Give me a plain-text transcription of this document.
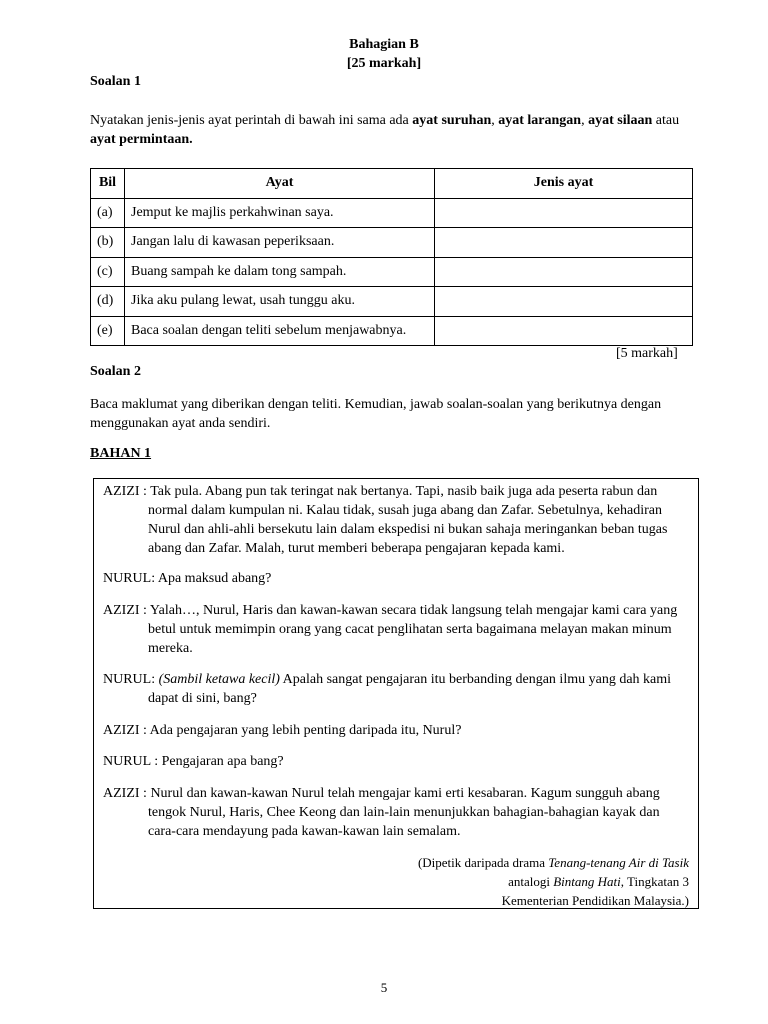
Bahagian B
[25 markah]
Soalan 1
Nyatakan jenis-jenis ayat perintah di bawah ini sama ada ayat suruhan, ayat larangan, ayat silaan atau
ayat permintaan.
Bil	Ayat	Jenis ayat
(a)	Jemput ke majlis perkahwinan saya.	
(b)	Jangan lalu di kawasan peperiksaan.	
(c)	Buang sampah ke dalam tong sampah.	
(d)	Jika aku pulang lewat, usah tunggu aku.	
(e)	Baca soalan dengan teliti sebelum menjawabnya.	
[5 markah]
Soalan 2
Baca maklumat yang diberikan dengan teliti. Kemudian, jawab soalan-soalan yang berikutnya dengan
menggunakan ayat anda sendiri.
BAHAN 1
AZIZI : Tak pula. Abang pun tak teringat nak bertanya. Tapi, nasib baik juga ada peserta rabun dan
normal dalam kumpulan ni. Kalau tidak, susah juga abang dan Zafar. Sebetulnya, kehadiran
Nurul dan ahli-ahli bersekutu lain dalam ekspedisi ni bukan sahaja meringankan beban tugas
abang dan Zafar. Malah, turut memberi beberapa pengajaran kepada kami.
NURUL: Apa maksud abang?
AZIZI : Yalah…, Nurul, Haris dan kawan-kawan secara tidak langsung telah mengajar kami cara yang
betul untuk memimpin orang yang cacat penglihatan serta bagaimana melayan makan minum
mereka.
NURUL: (Sambil ketawa kecil) Apalah sangat pengajaran itu berbanding dengan ilmu yang dah kami
dapat di sini, bang?
AZIZI : Ada pengajaran yang lebih penting daripada itu, Nurul?
NURUL : Pengajaran apa bang?
AZIZI : Nurul dan kawan-kawan Nurul telah mengajar kami erti kesabaran. Kagum sungguh abang
tengok Nurul, Haris, Chee Keong dan lain-lain menunjukkan bahagian-bahagian kayak dan
cara-cara mendayung pada kawan-kawan lain semalam.
(Dipetik daripada drama Tenang-tenang Air di Tasik
antalogi Bintang Hati, Tingkatan 3
Kementerian Pendidikan Malaysia.)
5
